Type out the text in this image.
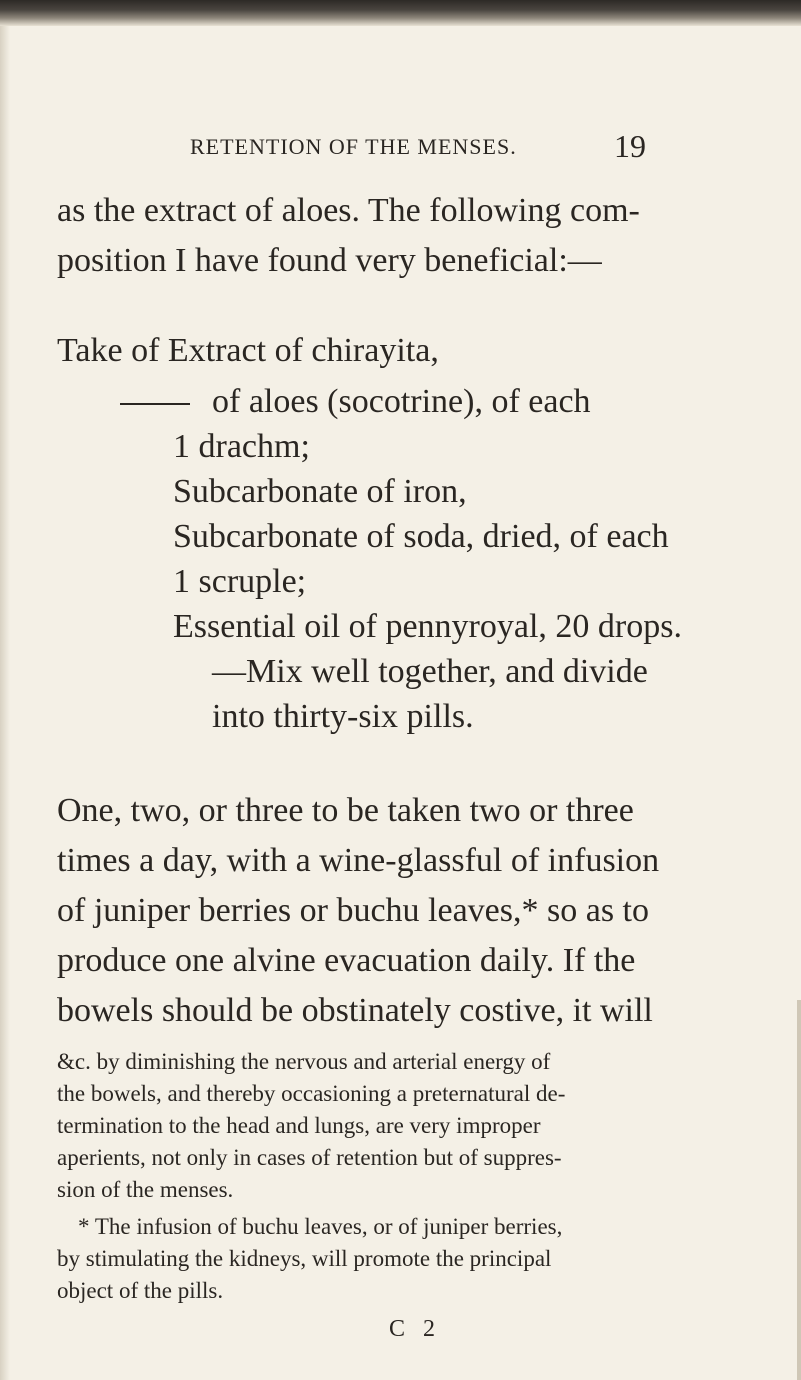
RETENTION OF THE MENSES.	19
as the extract of aloes. The following com-
position I have found very beneficial:—
Take of Extract of chirayita,
of aloes (socotrine), of each
1 drachm;
Subcarbonate of iron,
Subcarbonate of soda, dried, of each
1 scruple;
Essential oil of pennyroyal, 20 drops.
—Mix well together, and divide
into thirty-six pills.
One, two, or three to be taken two or three
times a day, with a wine-glassful of infusion
of juniper berries or buchu leaves,* so as to
produce one alvine evacuation daily. If the
bowels should be obstinately costive, it will
&c. by diminishing the nervous and arterial energy of
the bowels, and thereby occasioning a preternatural de-
termination to the head and lungs, are very improper
aperients, not only in cases of retention but of suppres-
sion of the menses.
* The infusion of buchu leaves, or of juniper berries,
by stimulating the kidneys, will promote the principal
object of the pills.
C 2
